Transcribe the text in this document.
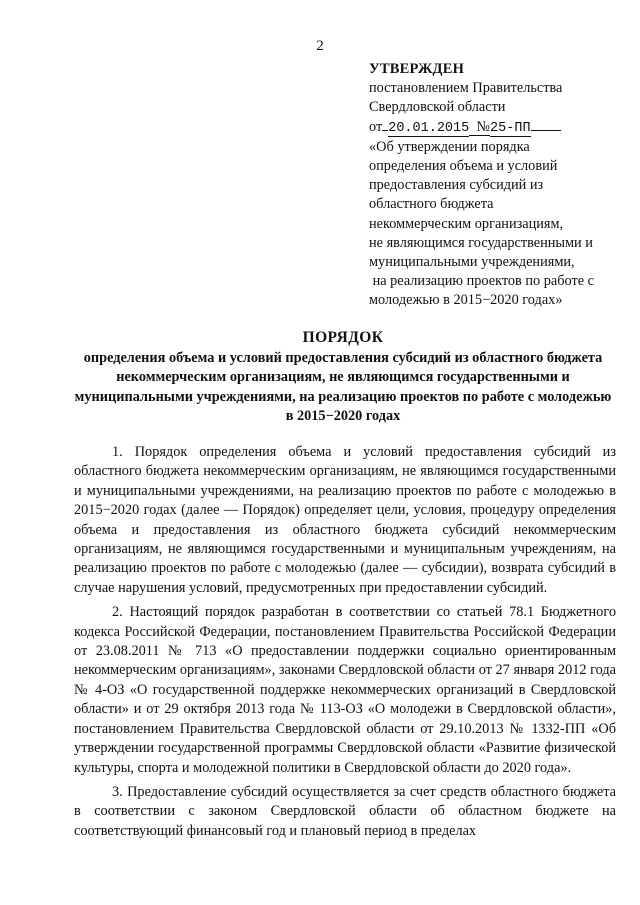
2
УТВЕРЖДЕН
постановлением Правительства
Свердловской области
от 20.01.2015 №25-ПП
«Об утверждении порядка
определения объема и условий
предоставления субсидий из
областного бюджета
некоммерческим организациям,
не являющимся государственными и
муниципальными учреждениями,
на реализацию проектов по работе с
молодежью в 2015−2020 годах»
ПОРЯДОК
определения объема и условий предоставления субсидий из областного бюджета некоммерческим организациям, не являющимся государственными и муниципальными учреждениями, на реализацию проектов по работе с молодежью в 2015−2020 годах

1. Порядок определения объема и условий предоставления субсидий из областного бюджета некоммерческим организациям, не являющимся государственными и муниципальными учреждениями, на реализацию проектов по работе с молодежью в 2015−2020 годах (далее — Порядок) определяет цели, условия, процедуру определения объема и предоставления из областного бюджета субсидий некоммерческим организациям, не являющимся государственными и муниципальным учреждениям, на реализацию проектов по работе с молодежью (далее — субсидии), возврата субсидий в случае нарушения условий, предусмотренных при предоставлении субсидий.

2. Настоящий порядок разработан в соответствии со статьей 78.1 Бюджетного кодекса Российской Федерации, постановлением Правительства Российской Федерации от 23.08.2011 № 713 «О предоставлении поддержки социально ориентированным некоммерческим организациям», законами Свердловской области от 27 января 2012 года № 4-ОЗ «О государственной поддержке некоммерческих организаций в Свердловской области» и от 29 октября 2013 года № 113-ОЗ «О молодежи в Свердловской области», постановлением Правительства Свердловской области от 29.10.2013 № 1332-ПП «Об утверждении государственной программы Свердловской области «Развитие физической культуры, спорта и молодежной политики в Свердловской области до 2020 года».

3. Предоставление субсидий осуществляется за счет средств областного бюджета в соответствии с законом Свердловской области об областном бюджете на соответствующий финансовый год и плановый период в пределах
